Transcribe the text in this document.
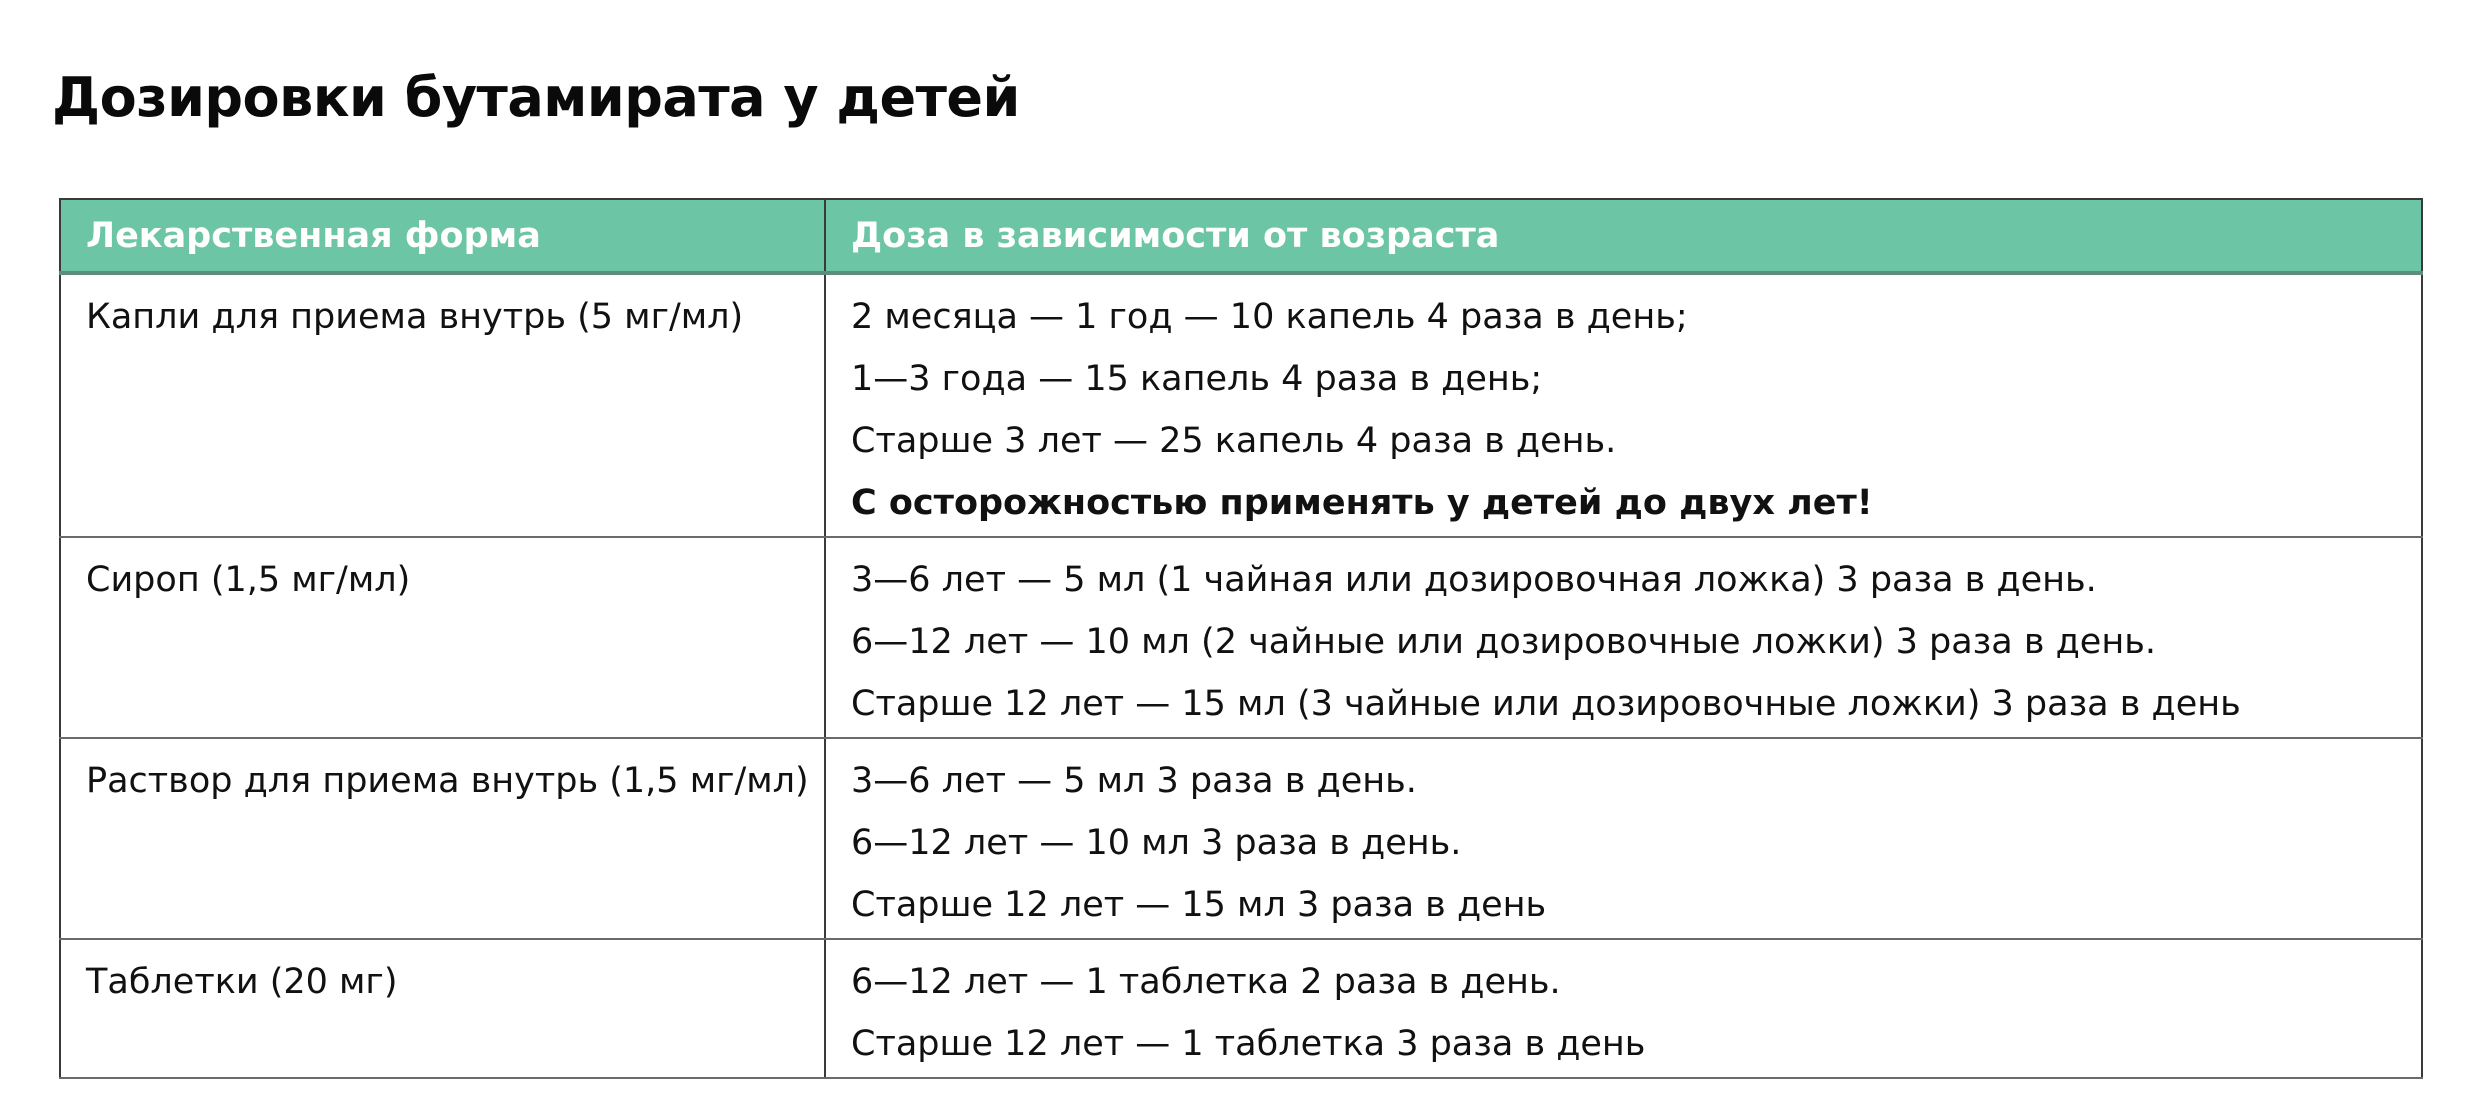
Дозировки бутамирата у детей
Лекарственная форма	Доза в зависимости от возраста

Капли для приема внутрь (5 мг/мл)	2 месяца — 1 год — 10 капель 4 раза в день;
1—3 года — 15 капель 4 раза в день;
Старше 3 лет — 25 капель 4 раза в день.
С осторожностью применять у детей до двух лет!

Сироп (1,5 мг/мл)	3—6 лет — 5 мл (1 чайная или дозировочная ложка) 3 раза в день.
6—12 лет — 10 мл (2 чайные или дозировочные ложки) 3 раза в день.
Старше 12 лет — 15 мл (3 чайные или дозировочные ложки) 3 раза в день

Раствор для приема внутрь (1,5 мг/мл)	3—6 лет — 5 мл 3 раза в день.
6—12 лет — 10 мл 3 раза в день.
Старше 12 лет — 15 мл 3 раза в день

Таблетки (20 мг)	6—12 лет — 1 таблетка 2 раза в день.
Старше 12 лет — 1 таблетка 3 раза в день
